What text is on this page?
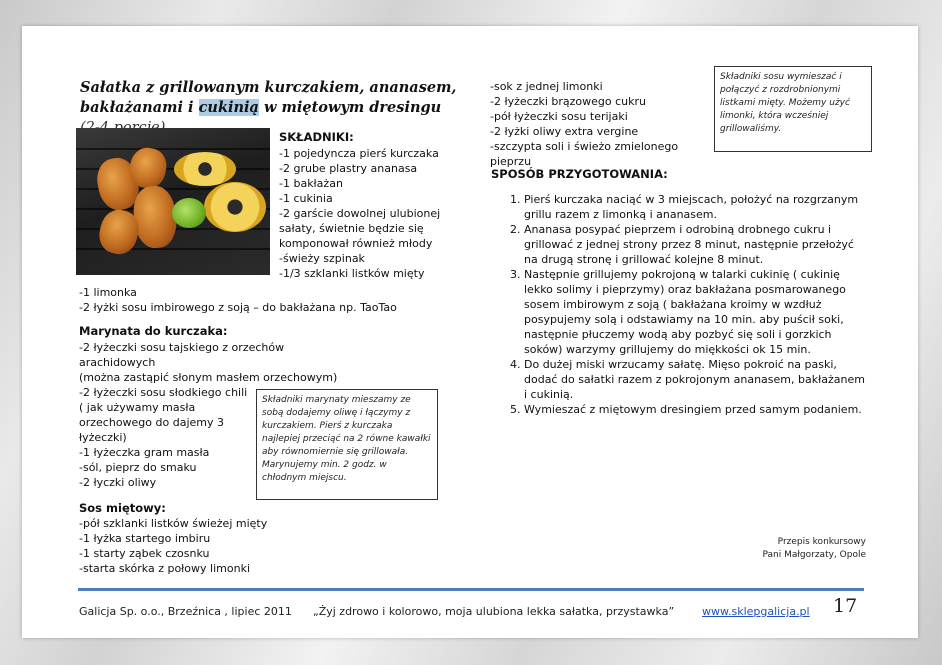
Sałatka z grillowanym kurczakiem, ananasem,
bakłażanami i cukinią w miętowym dresingu
SKŁADNIKI:
-1 pojedyncza pierś kurczaka
-2 grube plastry ananasa
-1 bakłażan
-1 cukinia
-2 garście dowolnej ulubionej
sałaty, świetnie będzie się
komponował również młody
-świeży szpinak
-1/3 szklanki listków mięty
-1 limonka
-2 łyżki sosu imbirowego z soją – do bakłażana np. TaoTao
Marynata do kurczaka:
-2 łyżeczki sosu tajskiego z orzechów arachidowych
(można zastąpić słonym masłem orzechowym)
-2 łyżeczki sosu słodkiego chili
( jak używamy masła
orzechowego do dajemy 3
łyżeczki)
-1 łyżeczka gram masła
-sól, pieprz do smaku
-2 łyczki oliwy
Składniki marynaty mieszamy ze sobą dodajemy oliwę i łączymy z kurczakiem. Pierś z kurczaka najlepiej przeciąć na 2 równe kawałki aby równomiernie się grillowała. Marynujemy min. 2 godz. w chłodnym miejscu.
Sos miętowy:
-pół szklanki listków świeżej mięty
-1 łyżka startego imbiru
-1 starty ząbek czosnku
-starta skórka z połowy limonki
-sok z jednej limonki
-2 łyżeczki brązowego cukru
-pół łyżeczki sosu terijaki
-2 łyżki oliwy extra vergine
-szczypta soli i świeżo zmielonego pieprzu
Składniki sosu wymieszać i połączyć z rozdrobnionymi listkami mięty. Możemy użyć limonki, która wcześniej grillowaliśmy.
SPOSÓB PRZYGOTOWANIA:
1. Pierś kurczaka naciąć w 3 miejscach, położyć na rozgrzanym grillu razem z limonką i ananasem.
2. Ananasa posypać pieprzem i odrobiną drobnego cukru i grillować z jednej strony przez 8 minut, następnie przełożyć na drugą stronę i grillować kolejne 8 minut.
3. Następnie grillujemy pokrojoną w talarki cukinię ( cukinię lekko solimy i pieprzymy) oraz bakłażana posmarowanego sosem imbirowym z soją ( bakłażana kroimy w wzdłuż posypujemy solą i odstawiamy na 10 min. aby puścił soki, następnie płuczemy wodą aby pozbyć się soli i gorzkich soków) warzymy grillujemy do miękkości ok 15 min.
4. Do dużej miski wrzucamy sałatę. Mięso pokroić na paski, dodać do sałatki razem z pokrojonym ananasem, bakłażanem i cukinią.
5. Wymieszać z miętowym dresingiem przed samym podaniem.
Przepis konkursowy
Pani Małgorzaty, Opole
Galicja Sp. o.o., Brzeźnica , lipiec 2011 „Żyj zdrowo i kolorowo, moja ulubiona lekka sałatka, przystawka”	www.sklepgalicja.pl 17
